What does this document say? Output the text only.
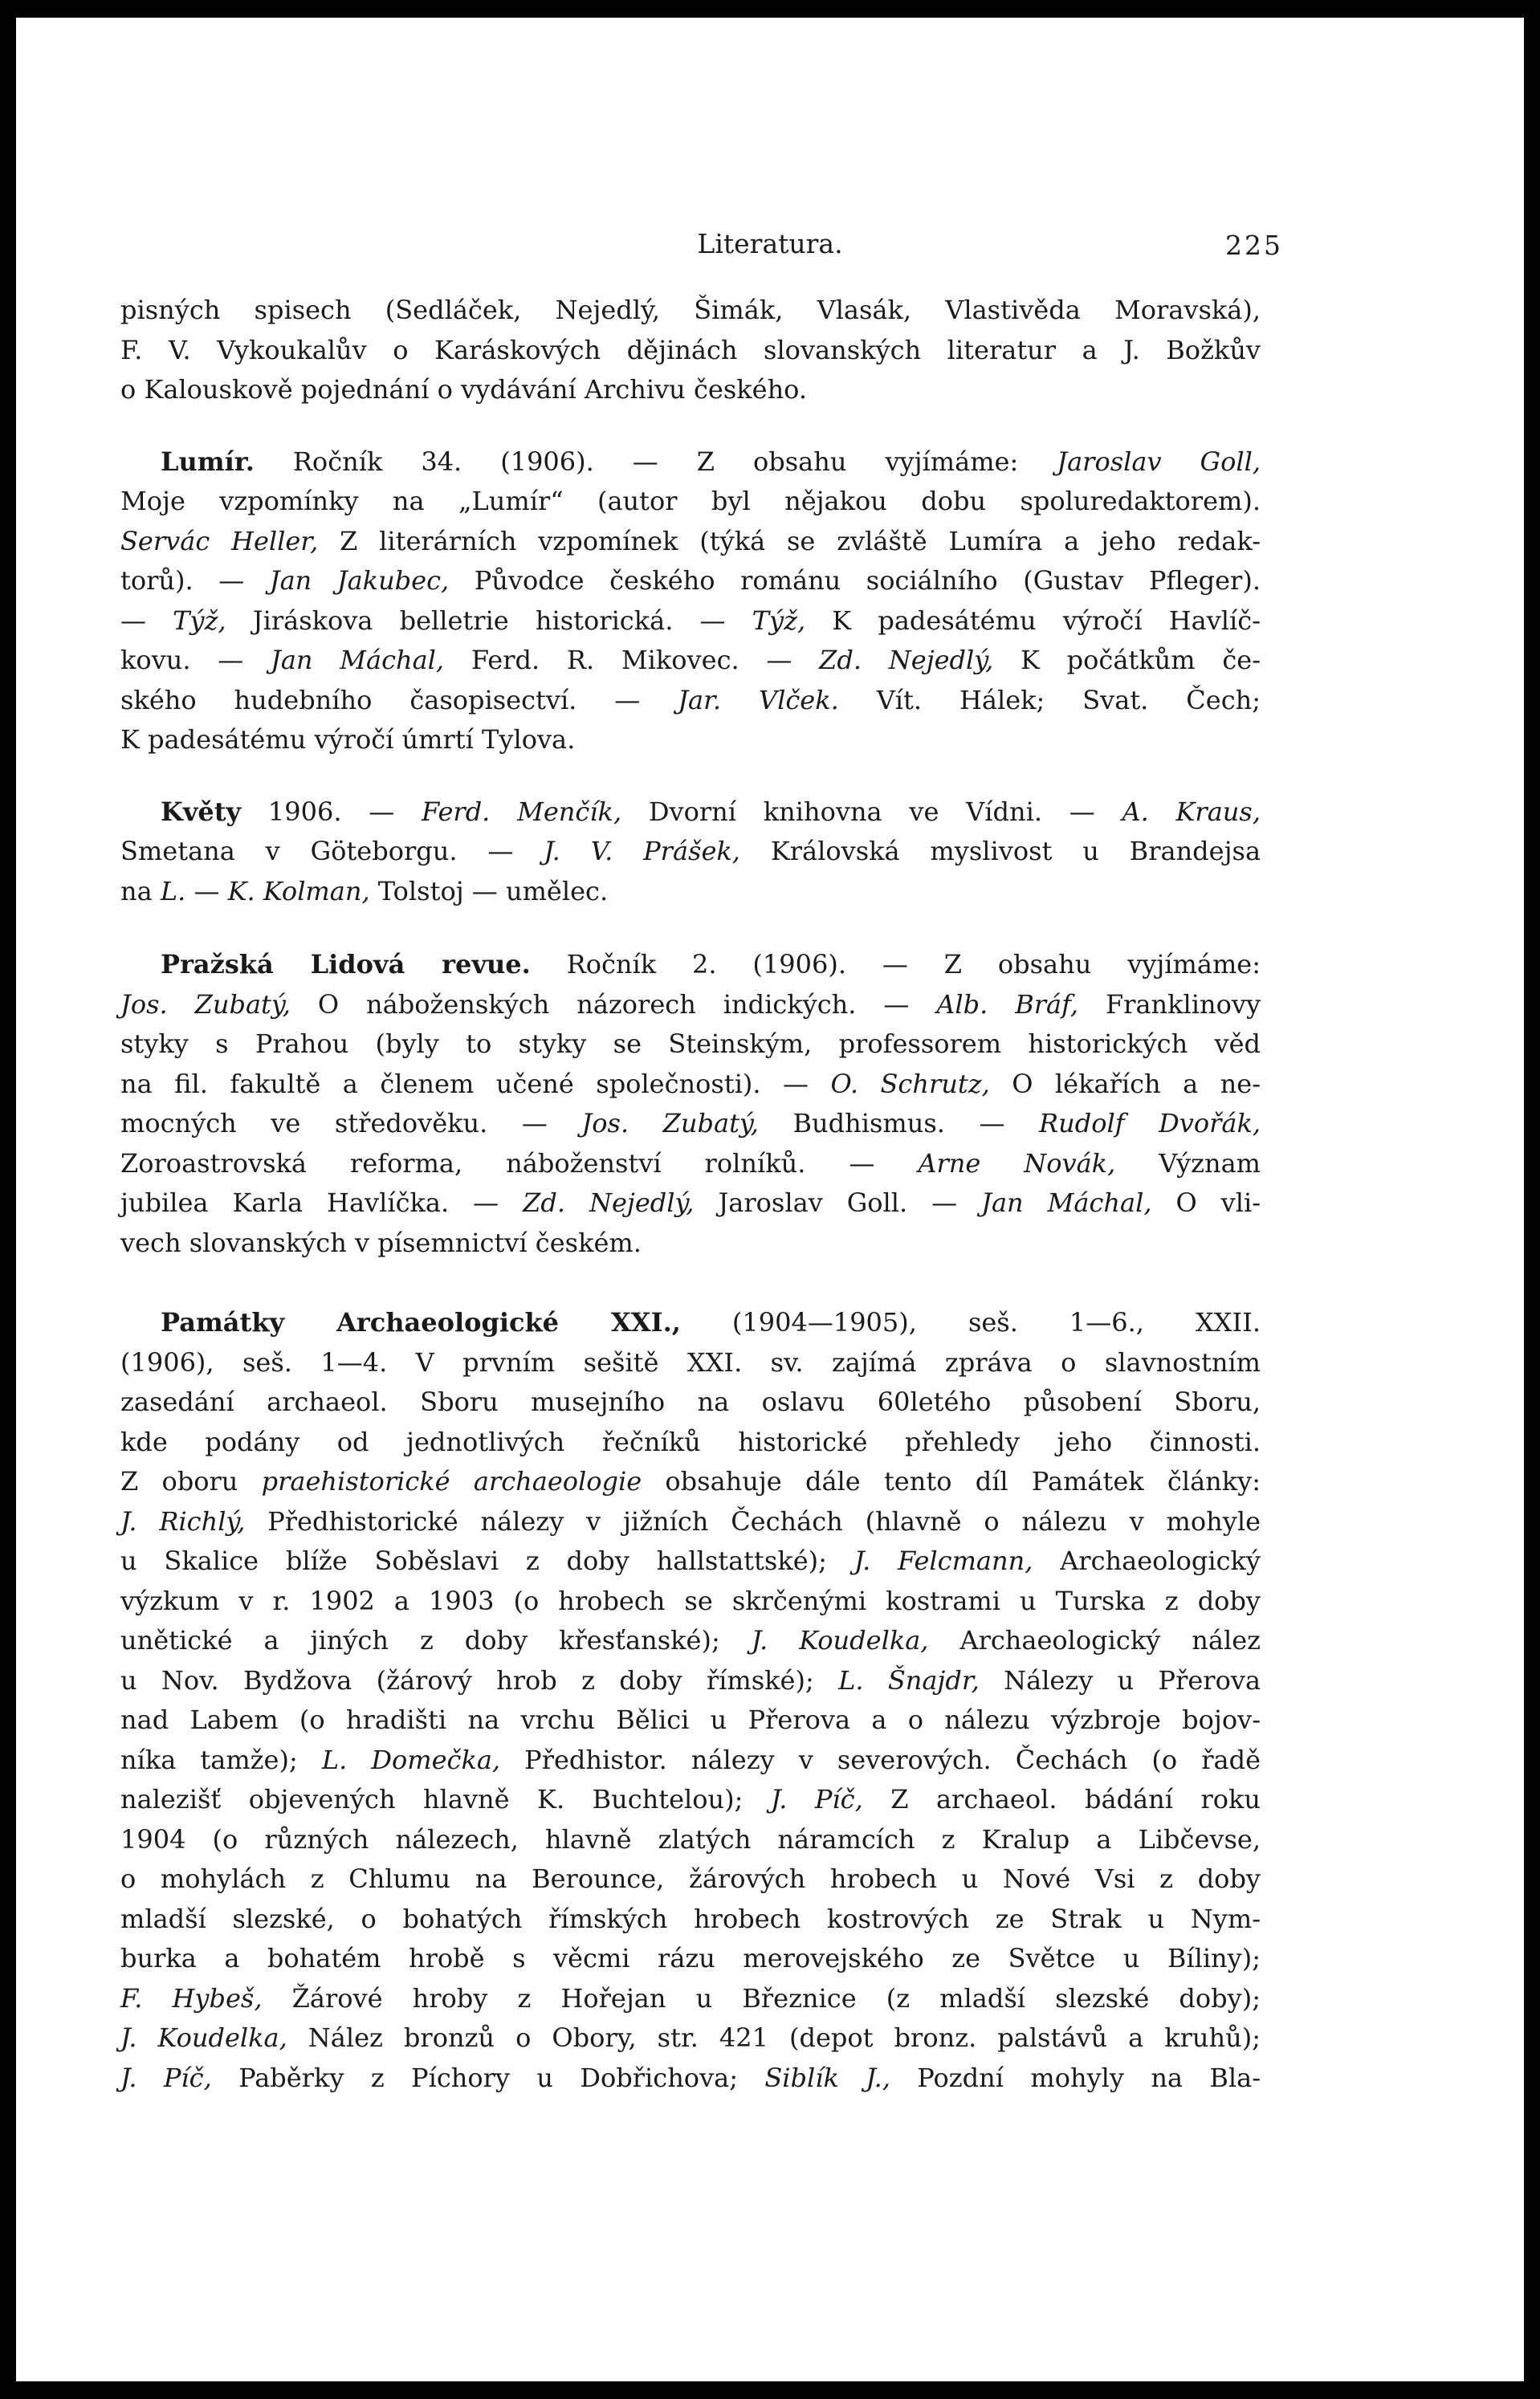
Literatura.	225
pisných spisech (Sedláček, Nejedlý, Šimák, Vlasák, Vlastivěda Moravská),
F. V. Vykoukalův o Karáskových dějinách slovanských literatur a J. Božkův
o Kalouskově pojednání o vydávání Archivu českého.
Lumír. Ročník 34. (1906). — Z obsahu vyjímáme: Jaroslav Goll,
Moje vzpomínky na „Lumír“ (autor byl nějakou dobu spoluredaktorem).
Servác Heller, Z literárních vzpomínek (týká se zvláště Lumíra a jeho redak-
torů). — Jan Jakubec, Původce českého románu sociálního (Gustav Pfleger).
— Týž, Jiráskova belletrie historická. — Týž, K padesátému výročí Havlíč-
kovu. — Jan Máchal, Ferd. R. Mikovec. — Zd. Nejedlý, K počátkům če-
ského hudebního časopisectví. — Jar. Vlček. Vít. Hálek; Svat. Čech;
K padesátému výročí úmrtí Tylova.
Květy 1906. — Ferd. Menčík, Dvorní knihovna ve Vídni. — A. Kraus,
Smetana v Göteborgu. — J. V. Prášek, Královská myslivost u Brandejsa
na L. — K. Kolman, Tolstoj — umělec.
Pražská Lidová revue. Ročník 2. (1906). — Z obsahu vyjímáme:
Jos. Zubatý, O náboženských názorech indických. — Alb. Bráf, Franklinovy
styky s Prahou (byly to styky se Steinským, professorem historických věd
na fil. fakultě a členem učené společnosti). — O. Schrutz, O lékařích a ne-
mocných ve středověku. — Jos. Zubatý, Budhismus. — Rudolf Dvořák,
Zoroastrovská reforma, náboženství rolníků. — Arne Novák, Význam
jubilea Karla Havlíčka. — Zd. Nejedlý, Jaroslav Goll. — Jan Máchal, O vli-
vech slovanských v písemnictví českém.
Památky Archaeologické XXI., (1904—1905), seš. 1—6., XXII.
(1906), seš. 1—4. V prvním sešitě XXI. sv. zajímá zpráva o slavnostním
zasedání archaeol. Sboru musejního na oslavu 60letého působení Sboru,
kde podány od jednotlivých řečníků historické přehledy jeho činnosti.
Z oboru praehistorické archaeologie obsahuje dále tento díl Památek články:
J. Richlý, Předhistorické nálezy v jižních Čechách (hlavně o nálezu v mohyle
u Skalice blíže Soběslavi z doby hallstattské); J. Felcmann, Archaeologický
výzkum v r. 1902 a 1903 (o hrobech se skrčenými kostrami u Turska z doby
unětické a jiných z doby křesťanské); J. Koudelka, Archaeologický nález
u Nov. Bydžova (žárový hrob z doby římské); L. Šnajdr, Nálezy u Přerova
nad Labem (o hradišti na vrchu Bělici u Přerova a o nálezu výzbroje bojov-
níka tamže); L. Domečka, Předhistor. nálezy v severových. Čechách (o řadě
nalezišť objevených hlavně K. Buchtelou); J. Píč, Z archaeol. bádání roku
1904 (o různých nálezech, hlavně zlatých náramcích z Kralup a Libčevse,
o mohylách z Chlumu na Berounce, žárových hrobech u Nové Vsi z doby
mladší slezské, o bohatých římských hrobech kostrových ze Strak u Nym-
burka a bohatém hrobě s věcmi rázu merovejského ze Světce u Bíliny);
F. Hybeš, Žárové hroby z Hořejan u Březnice (z mladší slezské doby);
J. Koudelka, Nález bronzů o Obory, str. 421 (depot bronz. palstávů a kruhů);
J. Píč, Paběrky z Píchory u Dobřichova; Siblík J., Pozdní mohyly na Bla-
